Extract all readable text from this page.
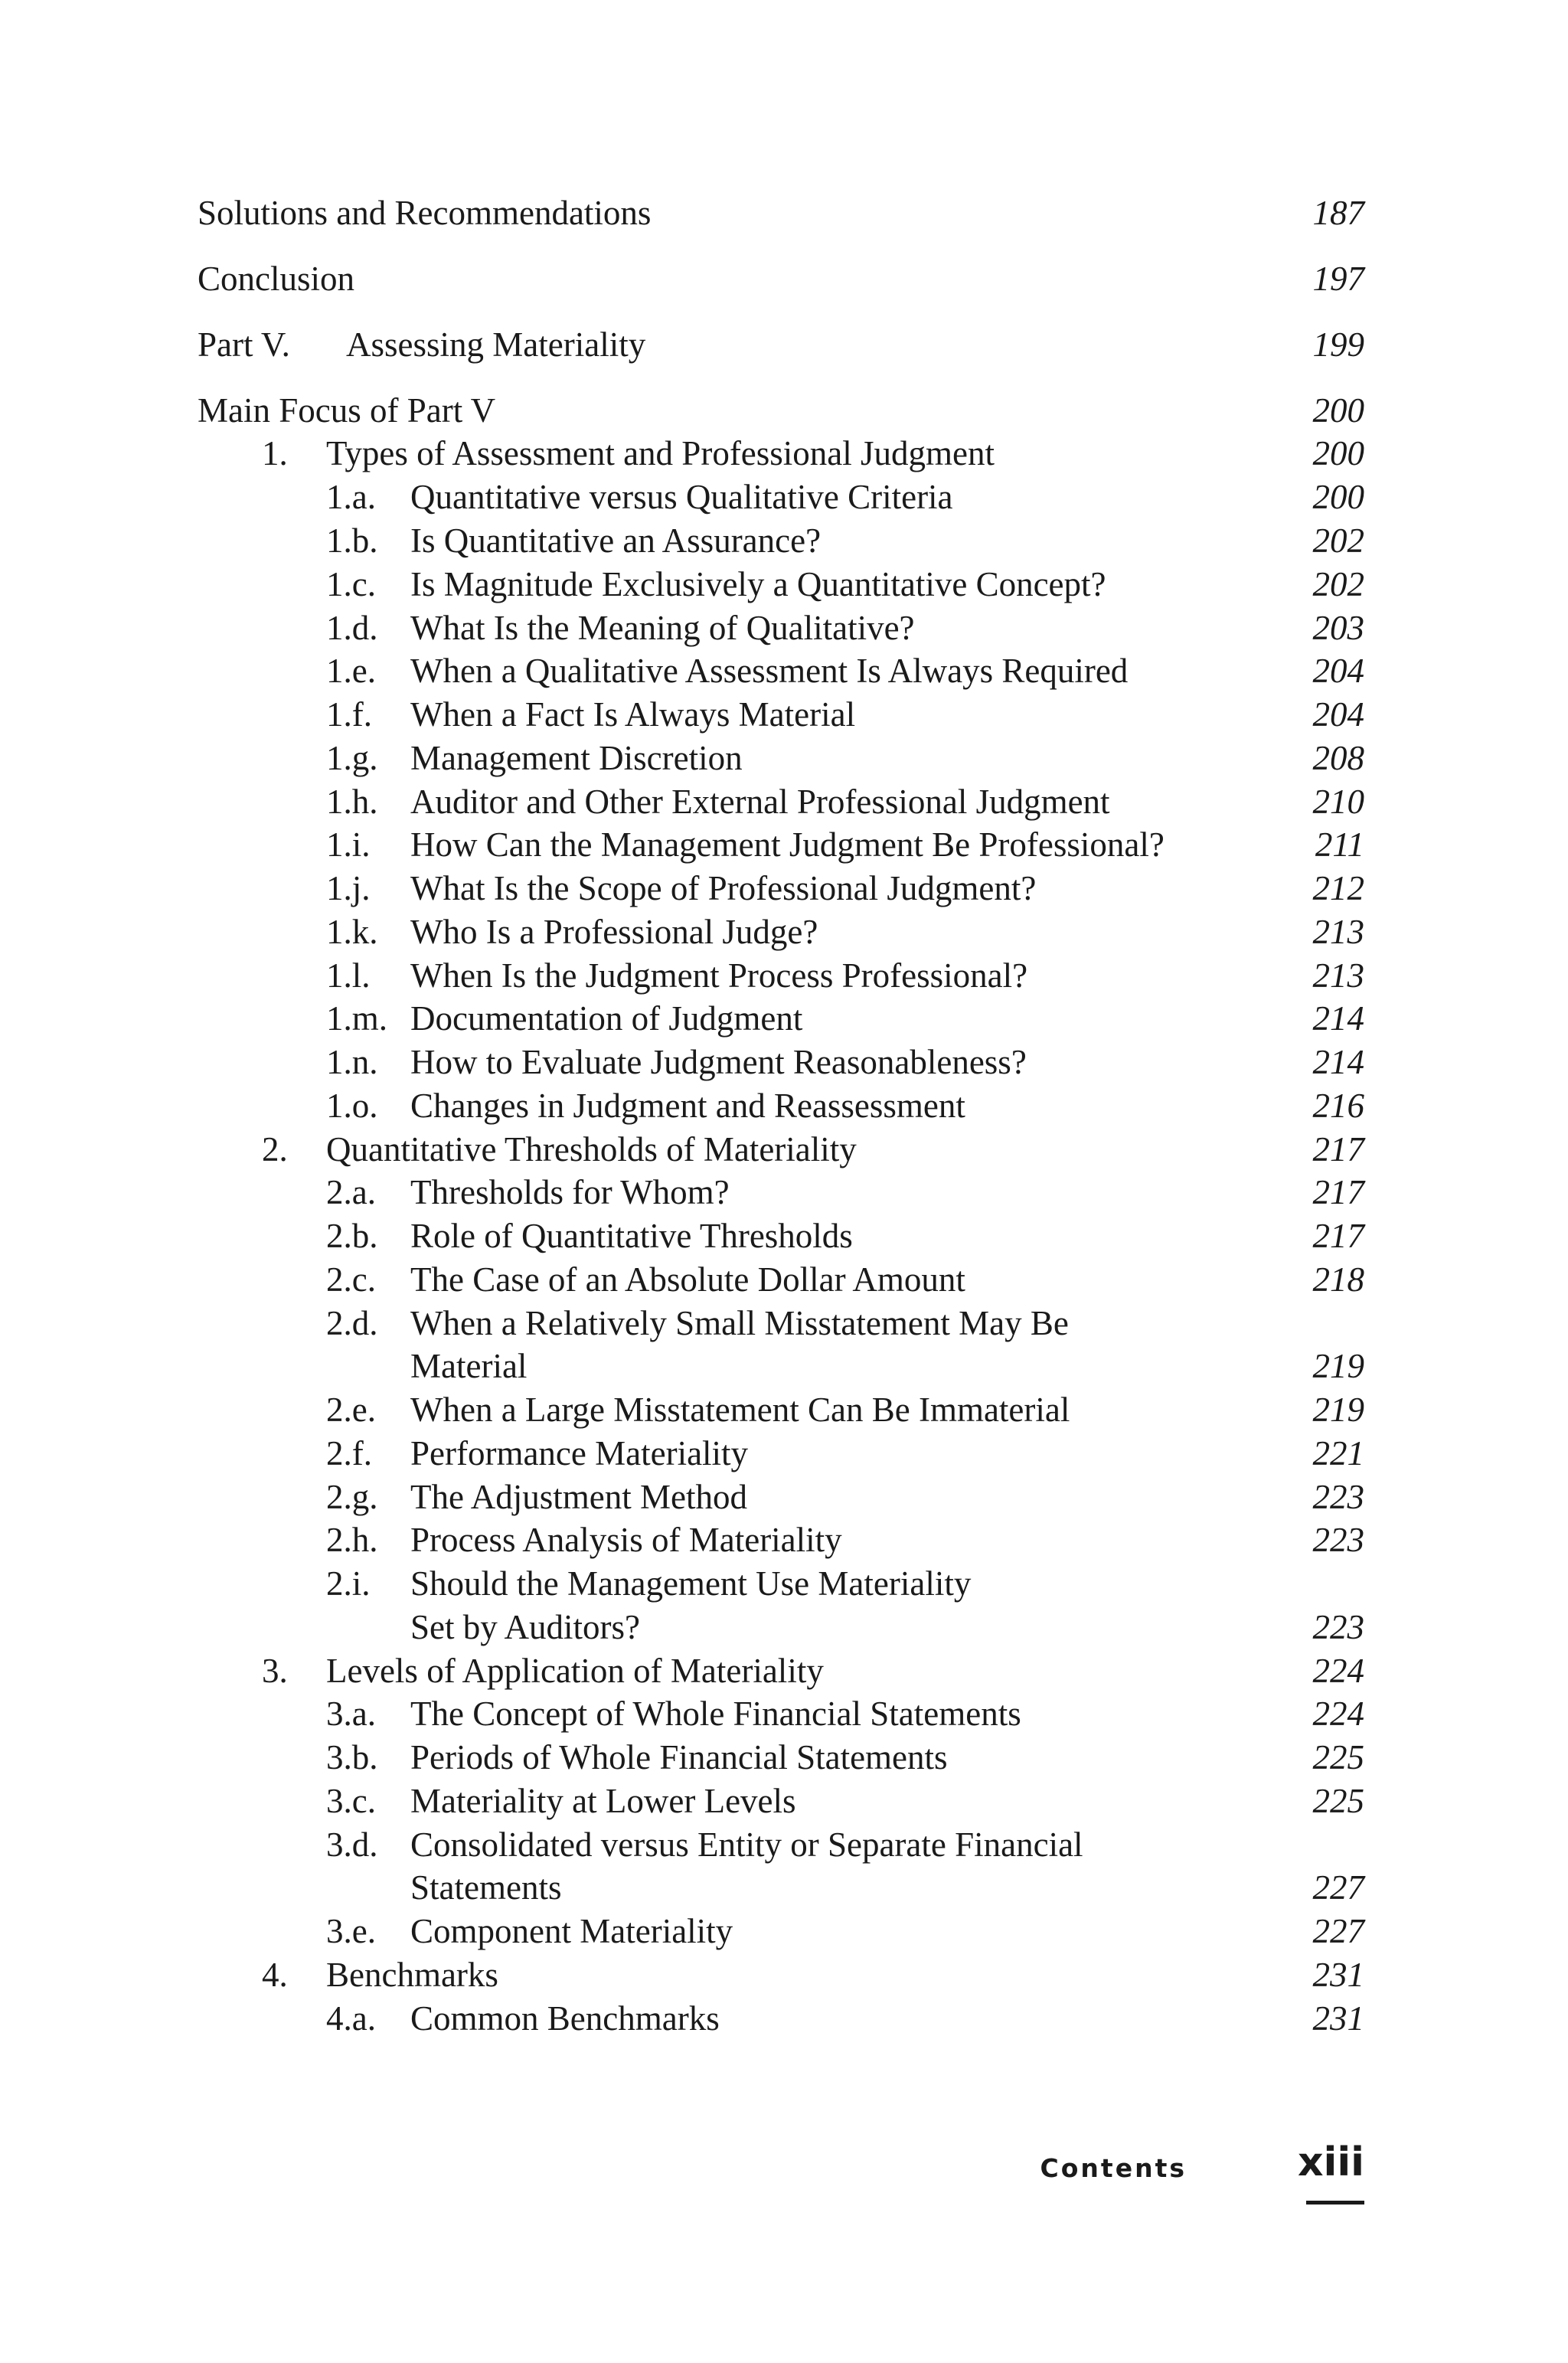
Solutions and Recommendations	187
Conclusion	197
Part V. Assessing Materiality	199
Main Focus of Part V	200
1. Types of Assessment and Professional Judgment	200
1.a. Quantitative versus Qualitative Criteria	200
1.b. Is Quantitative an Assurance?	202
1.c. Is Magnitude Exclusively a Quantitative Concept?	202
1.d. What Is the Meaning of Qualitative?	203
1.e. When a Qualitative Assessment Is Always Required	204
1.f. When a Fact Is Always Material	204
1.g. Management Discretion	208
1.h. Auditor and Other External Professional Judgment	210
1.i. How Can the Management Judgment Be Professional?	211
1.j. What Is the Scope of Professional Judgment?	212
1.k. Who Is a Professional Judge?	213
1.l. When Is the Judgment Process Professional?	213
1.m. Documentation of Judgment	214
1.n. How to Evaluate Judgment Reasonableness?	214
1.o. Changes in Judgment and Reassessment	216
2. Quantitative Thresholds of Materiality	217
2.a. Thresholds for Whom?	217
2.b. Role of Quantitative Thresholds	217
2.c. The Case of an Absolute Dollar Amount	218
2.d. When a Relatively Small Misstatement May Be
Material	219
2.e. When a Large Misstatement Can Be Immaterial	219
2.f. Performance Materiality	221
2.g. The Adjustment Method	223
2.h. Process Analysis of Materiality	223
2.i. Should the Management Use Materiality
Set by Auditors?	223
3. Levels of Application of Materiality	224
3.a. The Concept of Whole Financial Statements	224
3.b. Periods of Whole Financial Statements	225
3.c. Materiality at Lower Levels	225
3.d. Consolidated versus Entity or Separate Financial
Statements	227
3.e. Component Materiality	227
4. Benchmarks	231
4.a. Common Benchmarks	231
Contents	xiii
